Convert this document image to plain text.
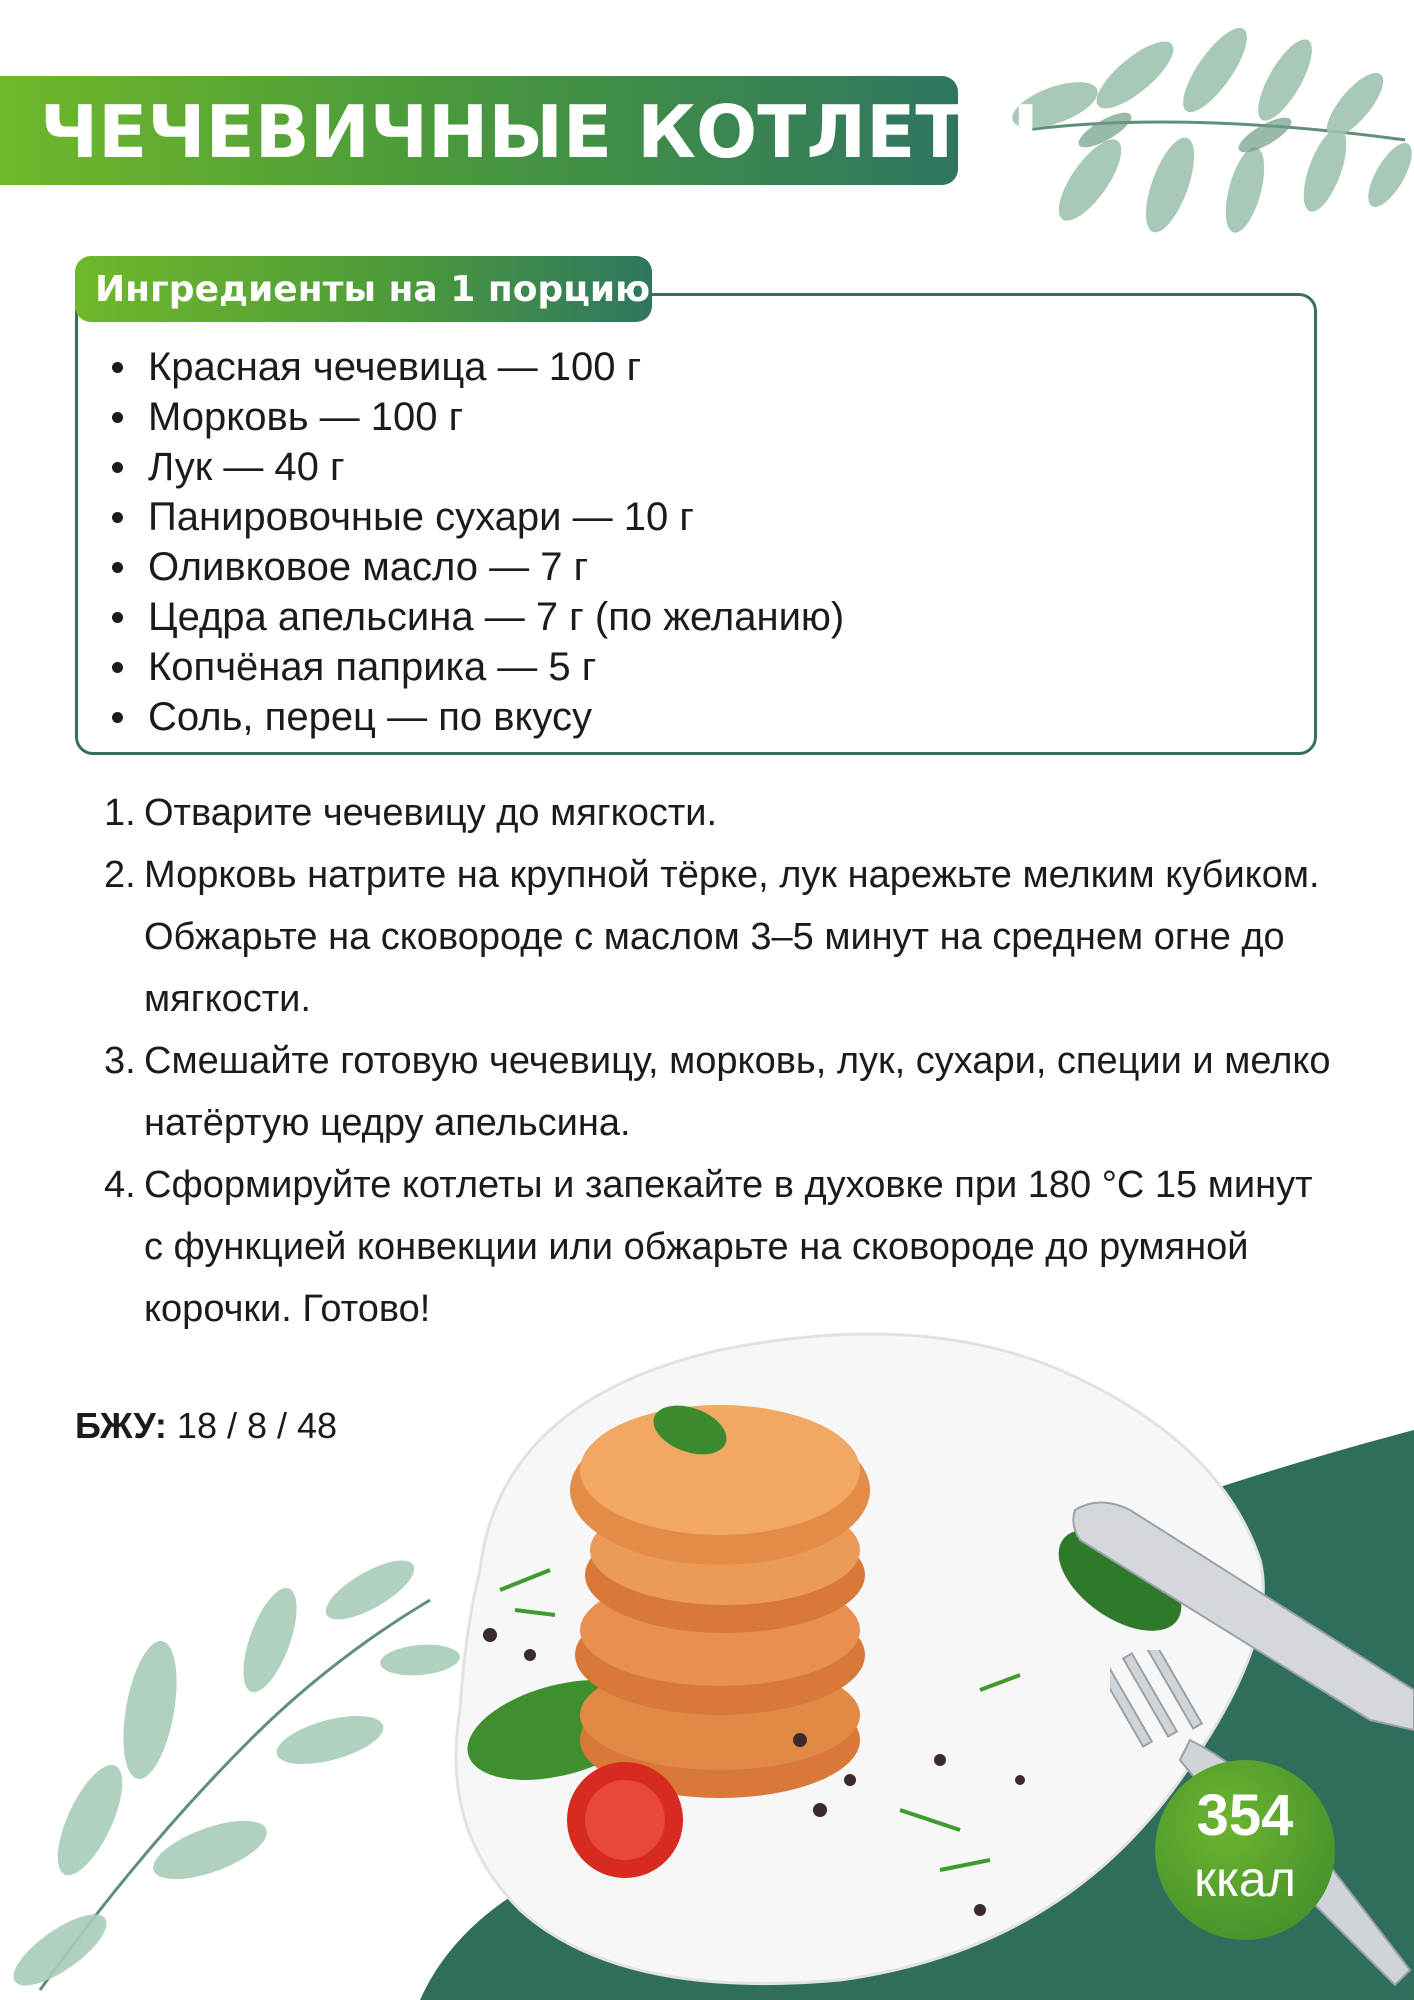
ЧЕЧЕВИЧНЫЕ КОТЛЕТЫ
Ингредиенты на 1 порцию
Красная чечевица — 100 г
Морковь — 100 г
Лук — 40 г
Панировочные сухари — 10 г
Оливковое масло — 7 г
Цедра апельсина — 7 г (по желанию)
Копчёная паприка — 5 г
Соль, перец — по вкусу
1. Отварите чечевицу до мягкости.
2. Морковь натрите на крупной тёрке, лук нарежьте мелким кубиком. Обжарьте на сковороде с маслом 3–5 минут на среднем огне до мягкости.
3. Смешайте готовую чечевицу, морковь, лук, сухари, специи и мелко натёртую цедру апельсина.
4. Сформируйте котлеты и запекайте в духовке при 180 °С 15 минут с функцией конвекции или обжарьте на сковороде до румяной корочки. Готово!
БЖУ: 18 / 8 / 48
354
ккал
